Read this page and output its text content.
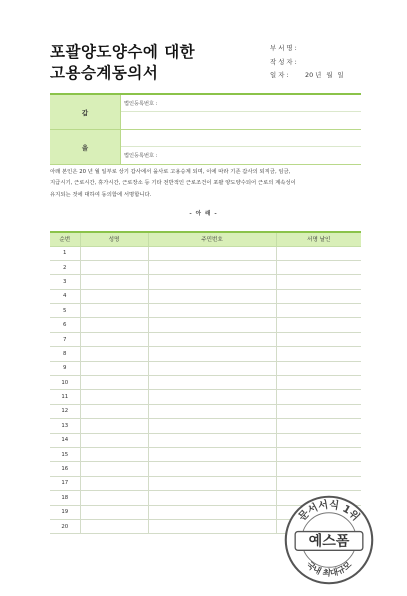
포괄양도양수에 대한
고용승계동의서
부 서 명 :
작 성 자 :
일 자 :	20 년 월 일
갑
법인등록번호 :
을
법인등록번호 :
아래 본인은 20 년 월 일부로 상기 갑사에서 을사로 고용승계 되며, 이에 따라 기존 갑사의 퇴직금, 임금,
지급시기, 근로시간, 휴가시간, 근로장소 등 기타 전반적인 근로조건이 포괄 양도양수되어 근로의 계속성이
유지되는 것에 대하여 동의함에 서명합니다.
- 아 래 -
순번	성명	주민번호	서명 날인
1			
2			
3			
4			
5			
6			
7			
8			
9			
10			
11			
12			
13			
14			
15			
16			
17			
18			
19			
20			
문서서식 1위
국내 최대규모
예스폼
